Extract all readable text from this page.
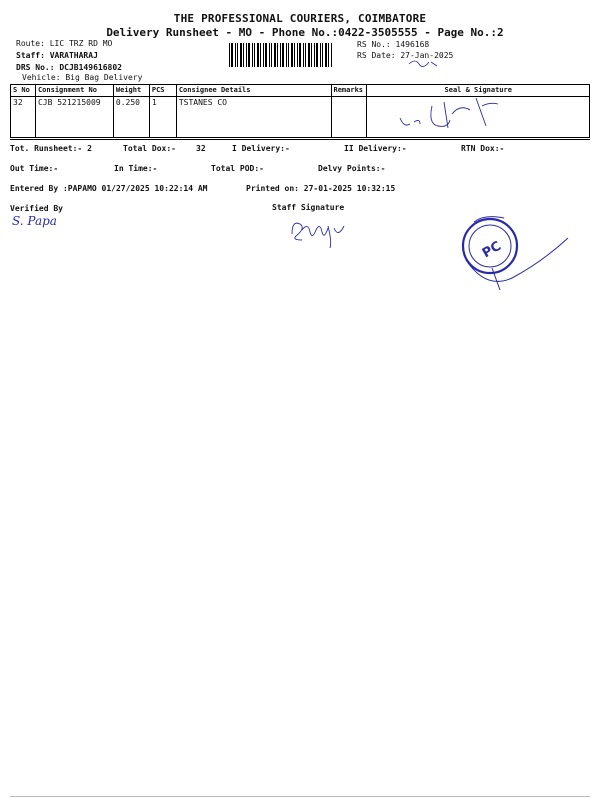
THE PROFESSIONAL COURIERS, COIMBATORE
Delivery Runsheet - MO - Phone No.:0422-3505555 - Page No.:2
Route: LIC TRZ RD MO
Staff: VARATHARAJ
DRS No.: DCJB149616802
Vehicle: Big Bag Delivery
RS No.: 1496168
RS Date: 27-Jan-2025
S No	Consignment No	Weight	PCS	Consignee Details	Remarks	Seal & Signature
32	CJB 521215009	0.250	1	TSTANES CO		
Tot. Runsheet:- 2	Total Dox:-	32	I Delivery:-	II Delivery:-	RTN Dox:-
Out Time:-	In Time:-	Total POD:-	Delvy Points:-
Entered By :PAPAMO 01/27/2025 10:22:14 AM	Printed on: 27-01-2025 10:32:15
Verified By	Staff Signature
S. Papa
PC
